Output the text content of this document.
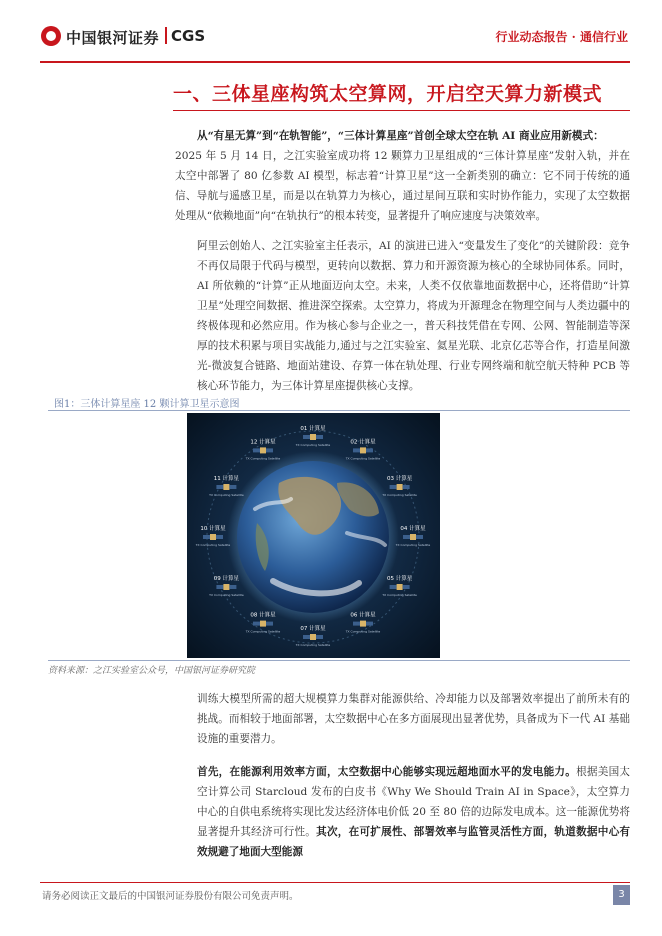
中国银河证券 CGS	行业动态报告 · 通信行业
一、三体星座构筑太空算网，开启空天算力新模式
从“有星无算”到“在轨智能”，“三体计算星座”首创全球太空在轨 AI 商业应用新模式：
2025 年 5 月 14 日，之江实验室成功将 12 颗算力卫星组成的“三体计算星座”发射入轨，并在太空中部署了 80 亿参数 AI 模型，标志着“计算卫星”这一全新类别的确立：它不同于传统的通信、导航与遥感卫星，而是以在轨算力为核心，通过星间互联和实时协作能力，实现了太空数据处理从“依赖地面”向“在轨执行”的根本转变，显著提升了响应速度与决策效率。
阿里云创始人、之江实验室主任表示，AI 的演进已进入“变量发生了变化”的关键阶段：竞争不再仅局限于代码与模型，更转向以数据、算力和开源资源为核心的全球协同体系。同时，AI 所依赖的“计算”正从地面迈向太空。未来，人类不仅依靠地面数据中心，还将借助“计算卫星”处理空间数据、推进深空探索。太空算力，将成为开源理念在物理空间与人类边疆中的终极体现和必然应用。作为核心参与企业之一，普天科技凭借在专网、公网、智能制造等深厚的技术积累与项目实战能力,通过与之江实验室、氦星光联、北京亿芯等合作，打造星间激光-微波复合链路、地面站建设、存算一体在轨处理、行业专网终端和航空航天特种 PCB 等核心环节能力，为三体计算星座提供核心支撑。
图1：三体计算星座 12 颗计算卫星示意图
01 计算星
TX Computing Satellite	02 计算星
TX Computing Satellite
03 计算星
TX Computing Satellite
04 计算星
TX Computing Satellite
05 计算星
TX Computing Satellite
06 计算星
TX Computing Satellite
07 计算星
TX Computing Satellite
08 计算星
TX Computing Satellite
09 计算星
TX Computing Satellite
10 计算星
TX Computing Satellite
11 计算星
TX Computing Satellite
12 计算星
TX Computing Satellite
资料来源：之江实验室公众号，中国银河证券研究院
训练大模型所需的超大规模算力集群对能源供给、冷却能力以及部署效率提出了前所未有的挑战。而相较于地面部署，太空数据中心在多方面展现出显著优势，具备成为下一代 AI 基础设施的重要潜力。
首先，在能源利用效率方面，太空数据中心能够实现远超地面水平的发电能力。根据美国太空计算公司 Starcloud 发布的白皮书《Why We Should Train AI in Space》，太空算力中心的自供电系统将实现比发达经济体电价低 20 至 80 倍的边际发电成本。这一能源优势将显著提升其经济可行性。其次，在可扩展性、部署效率与监管灵活性方面，轨道数据中心有效规避了地面大型能源
请务必阅读正文最后的中国银河证券股份有限公司免责声明。	3
